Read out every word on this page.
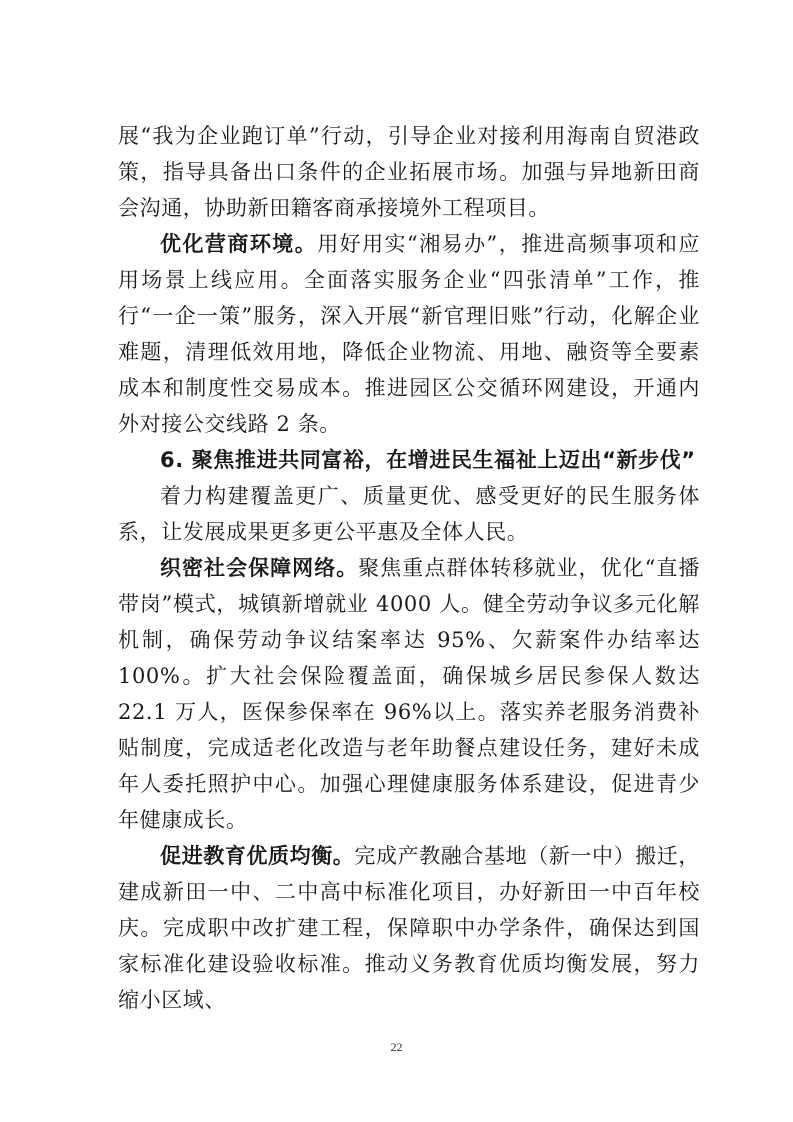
展“我为企业跑订单”行动，引导企业对接利用海南自贸港政策，指导具备出口条件的企业拓展市场。加强与异地新田商会沟通，协助新田籍客商承接境外工程项目。

优化营商环境。用好用实“湘易办”，推进高频事项和应用场景上线应用。全面落实服务企业“四张清单”工作，推行“一企一策”服务，深入开展“新官理旧账”行动，化解企业难题，清理低效用地，降低企业物流、用地、融资等全要素成本和制度性交易成本。推进园区公交循环网建设，开通内外对接公交线路 2 条。

6. 聚焦推进共同富裕，在增进民生福祉上迈出“新步伐”

着力构建覆盖更广、质量更优、感受更好的民生服务体系，让发展成果更多更公平惠及全体人民。

织密社会保障网络。聚焦重点群体转移就业，优化“直播带岗”模式，城镇新增就业 4000 人。健全劳动争议多元化解机制，确保劳动争议结案率达 95%、欠薪案件办结率达 100%。扩大社会保险覆盖面，确保城乡居民参保人数达 22.1 万人，医保参保率在 96%以上。落实养老服务消费补贴制度，完成适老化改造与老年助餐点建设任务，建好未成年人委托照护中心。加强心理健康服务体系建设，促进青少年健康成长。

促进教育优质均衡。完成产教融合基地（新一中）搬迁，建成新田一中、二中高中标准化项目，办好新田一中百年校庆。完成职中改扩建工程，保障职中办学条件，确保达到国家标准化建设验收标准。推动义务教育优质均衡发展，努力缩小区域、

22
